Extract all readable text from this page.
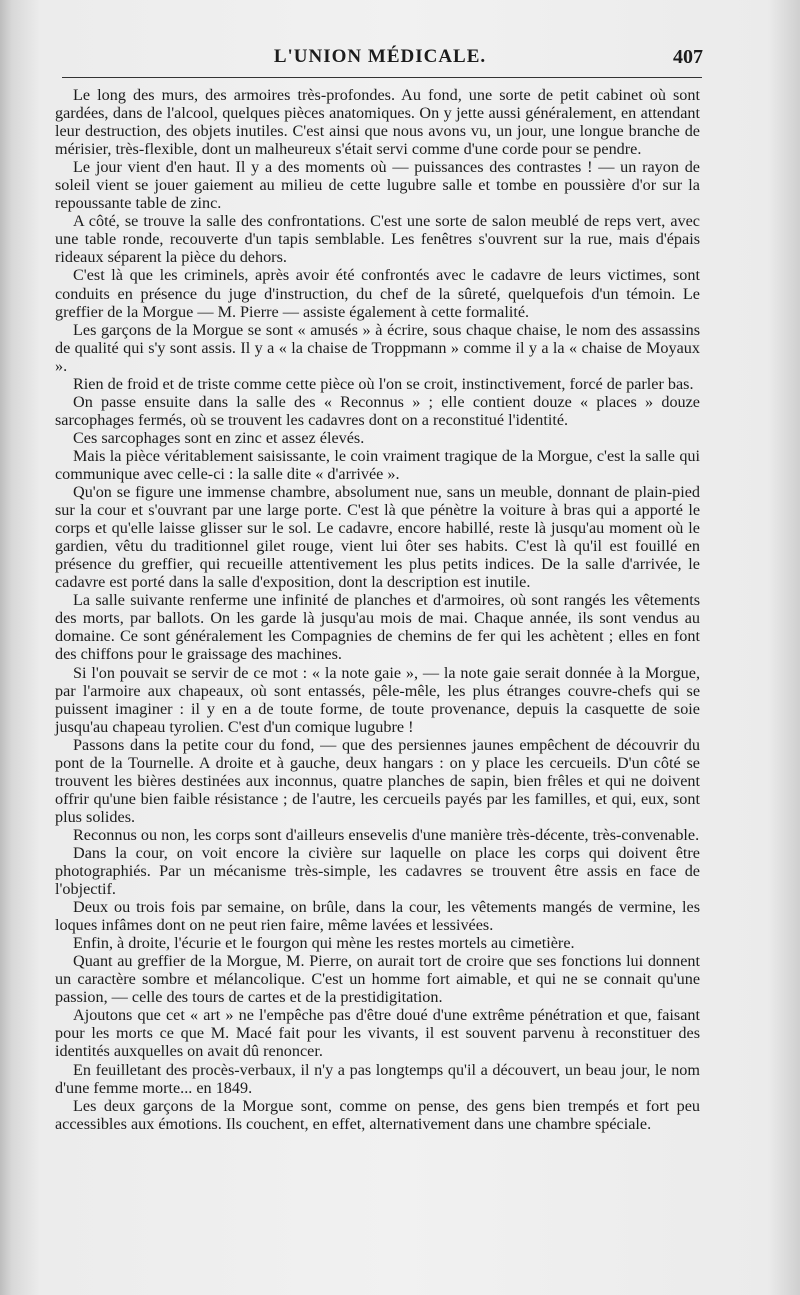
L'UNION MÉDICALE.	407

Le long des murs, des armoires très-profondes. Au fond, une sorte de petit cabinet où sont gardées, dans de l'alcool, quelques pièces anatomiques. On y jette aussi généralement, en attendant leur destruction, des objets inutiles. C'est ainsi que nous avons vu, un jour, une longue branche de mérisier, très-flexible, dont un malheureux s'était servi comme d'une corde pour se pendre.

Le jour vient d'en haut. Il y a des moments où — puissances des contrastes ! — un rayon de soleil vient se jouer gaiement au milieu de cette lugubre salle et tombe en poussière d'or sur la repoussante table de zinc.

A côté, se trouve la salle des confrontations. C'est une sorte de salon meublé de reps vert, avec une table ronde, recouverte d'un tapis semblable. Les fenêtres s'ouvrent sur la rue, mais d'épais rideaux séparent la pièce du dehors.

C'est là que les criminels, après avoir été confrontés avec le cadavre de leurs victimes, sont conduits en présence du juge d'instruction, du chef de la sûreté, quelquefois d'un témoin. Le greffier de la Morgue — M. Pierre — assiste également à cette formalité.

Les garçons de la Morgue se sont « amusés » à écrire, sous chaque chaise, le nom des assassins de qualité qui s'y sont assis. Il y a « la chaise de Troppmann » comme il y a la « chaise de Moyaux ».

Rien de froid et de triste comme cette pièce où l'on se croit, instinctivement, forcé de parler bas.

On passe ensuite dans la salle des « Reconnus » ; elle contient douze « places » douze sarcophages fermés, où se trouvent les cadavres dont on a reconstitué l'identité.

Ces sarcophages sont en zinc et assez élevés.

Mais la pièce véritablement saisissante, le coin vraiment tragique de la Morgue, c'est la salle qui communique avec celle-ci : la salle dite « d'arrivée ».

Qu'on se figure une immense chambre, absolument nue, sans un meuble, donnant de plain-pied sur la cour et s'ouvrant par une large porte. C'est là que pénètre la voiture à bras qui a apporté le corps et qu'elle laisse glisser sur le sol. Le cadavre, encore habillé, reste là jusqu'au moment où le gardien, vêtu du traditionnel gilet rouge, vient lui ôter ses habits. C'est là qu'il est fouillé en présence du greffier, qui recueille attentivement les plus petits indices. De la salle d'arrivée, le cadavre est porté dans la salle d'exposition, dont la description est inutile.

La salle suivante renferme une infinité de planches et d'armoires, où sont rangés les vêtements des morts, par ballots. On les garde là jusqu'au mois de mai. Chaque année, ils sont vendus au domaine. Ce sont généralement les Compagnies de chemins de fer qui les achètent ; elles en font des chiffons pour le graissage des machines.

Si l'on pouvait se servir de ce mot : « la note gaie », — la note gaie serait donnée à la Morgue, par l'armoire aux chapeaux, où sont entassés, pêle-mêle, les plus étranges couvre-chefs qui se puissent imaginer : il y en a de toute forme, de toute provenance, depuis la casquette de soie jusqu'au chapeau tyrolien. C'est d'un comique lugubre !

Passons dans la petite cour du fond, — que des persiennes jaunes empêchent de découvrir du pont de la Tournelle. A droite et à gauche, deux hangars : on y place les cercueils. D'un côté se trouvent les bières destinées aux inconnus, quatre planches de sapin, bien frêles et qui ne doivent offrir qu'une bien faible résistance ; de l'autre, les cercueils payés par les familles, et qui, eux, sont plus solides.

Reconnus ou non, les corps sont d'ailleurs ensevelis d'une manière très-décente, très-convenable.

Dans la cour, on voit encore la civière sur laquelle on place les corps qui doivent être photographiés. Par un mécanisme très-simple, les cadavres se trouvent être assis en face de l'objectif.

Deux ou trois fois par semaine, on brûle, dans la cour, les vêtements mangés de vermine, les loques infâmes dont on ne peut rien faire, même lavées et lessivées.

Enfin, à droite, l'écurie et le fourgon qui mène les restes mortels au cimetière.

Quant au greffier de la Morgue, M. Pierre, on aurait tort de croire que ses fonctions lui donnent un caractère sombre et mélancolique. C'est un homme fort aimable, et qui ne se connait qu'une passion, — celle des tours de cartes et de la prestidigitation.

Ajoutons que cet « art » ne l'empêche pas d'être doué d'une extrême pénétration et que, faisant pour les morts ce que M. Macé fait pour les vivants, il est souvent parvenu à reconstituer des identités auxquelles on avait dû renoncer.

En feuilletant des procès-verbaux, il n'y a pas longtemps qu'il a découvert, un beau jour, le nom d'une femme morte... en 1849.

Les deux garçons de la Morgue sont, comme on pense, des gens bien trempés et fort peu accessibles aux émotions. Ils couchent, en effet, alternativement dans une chambre spéciale.
